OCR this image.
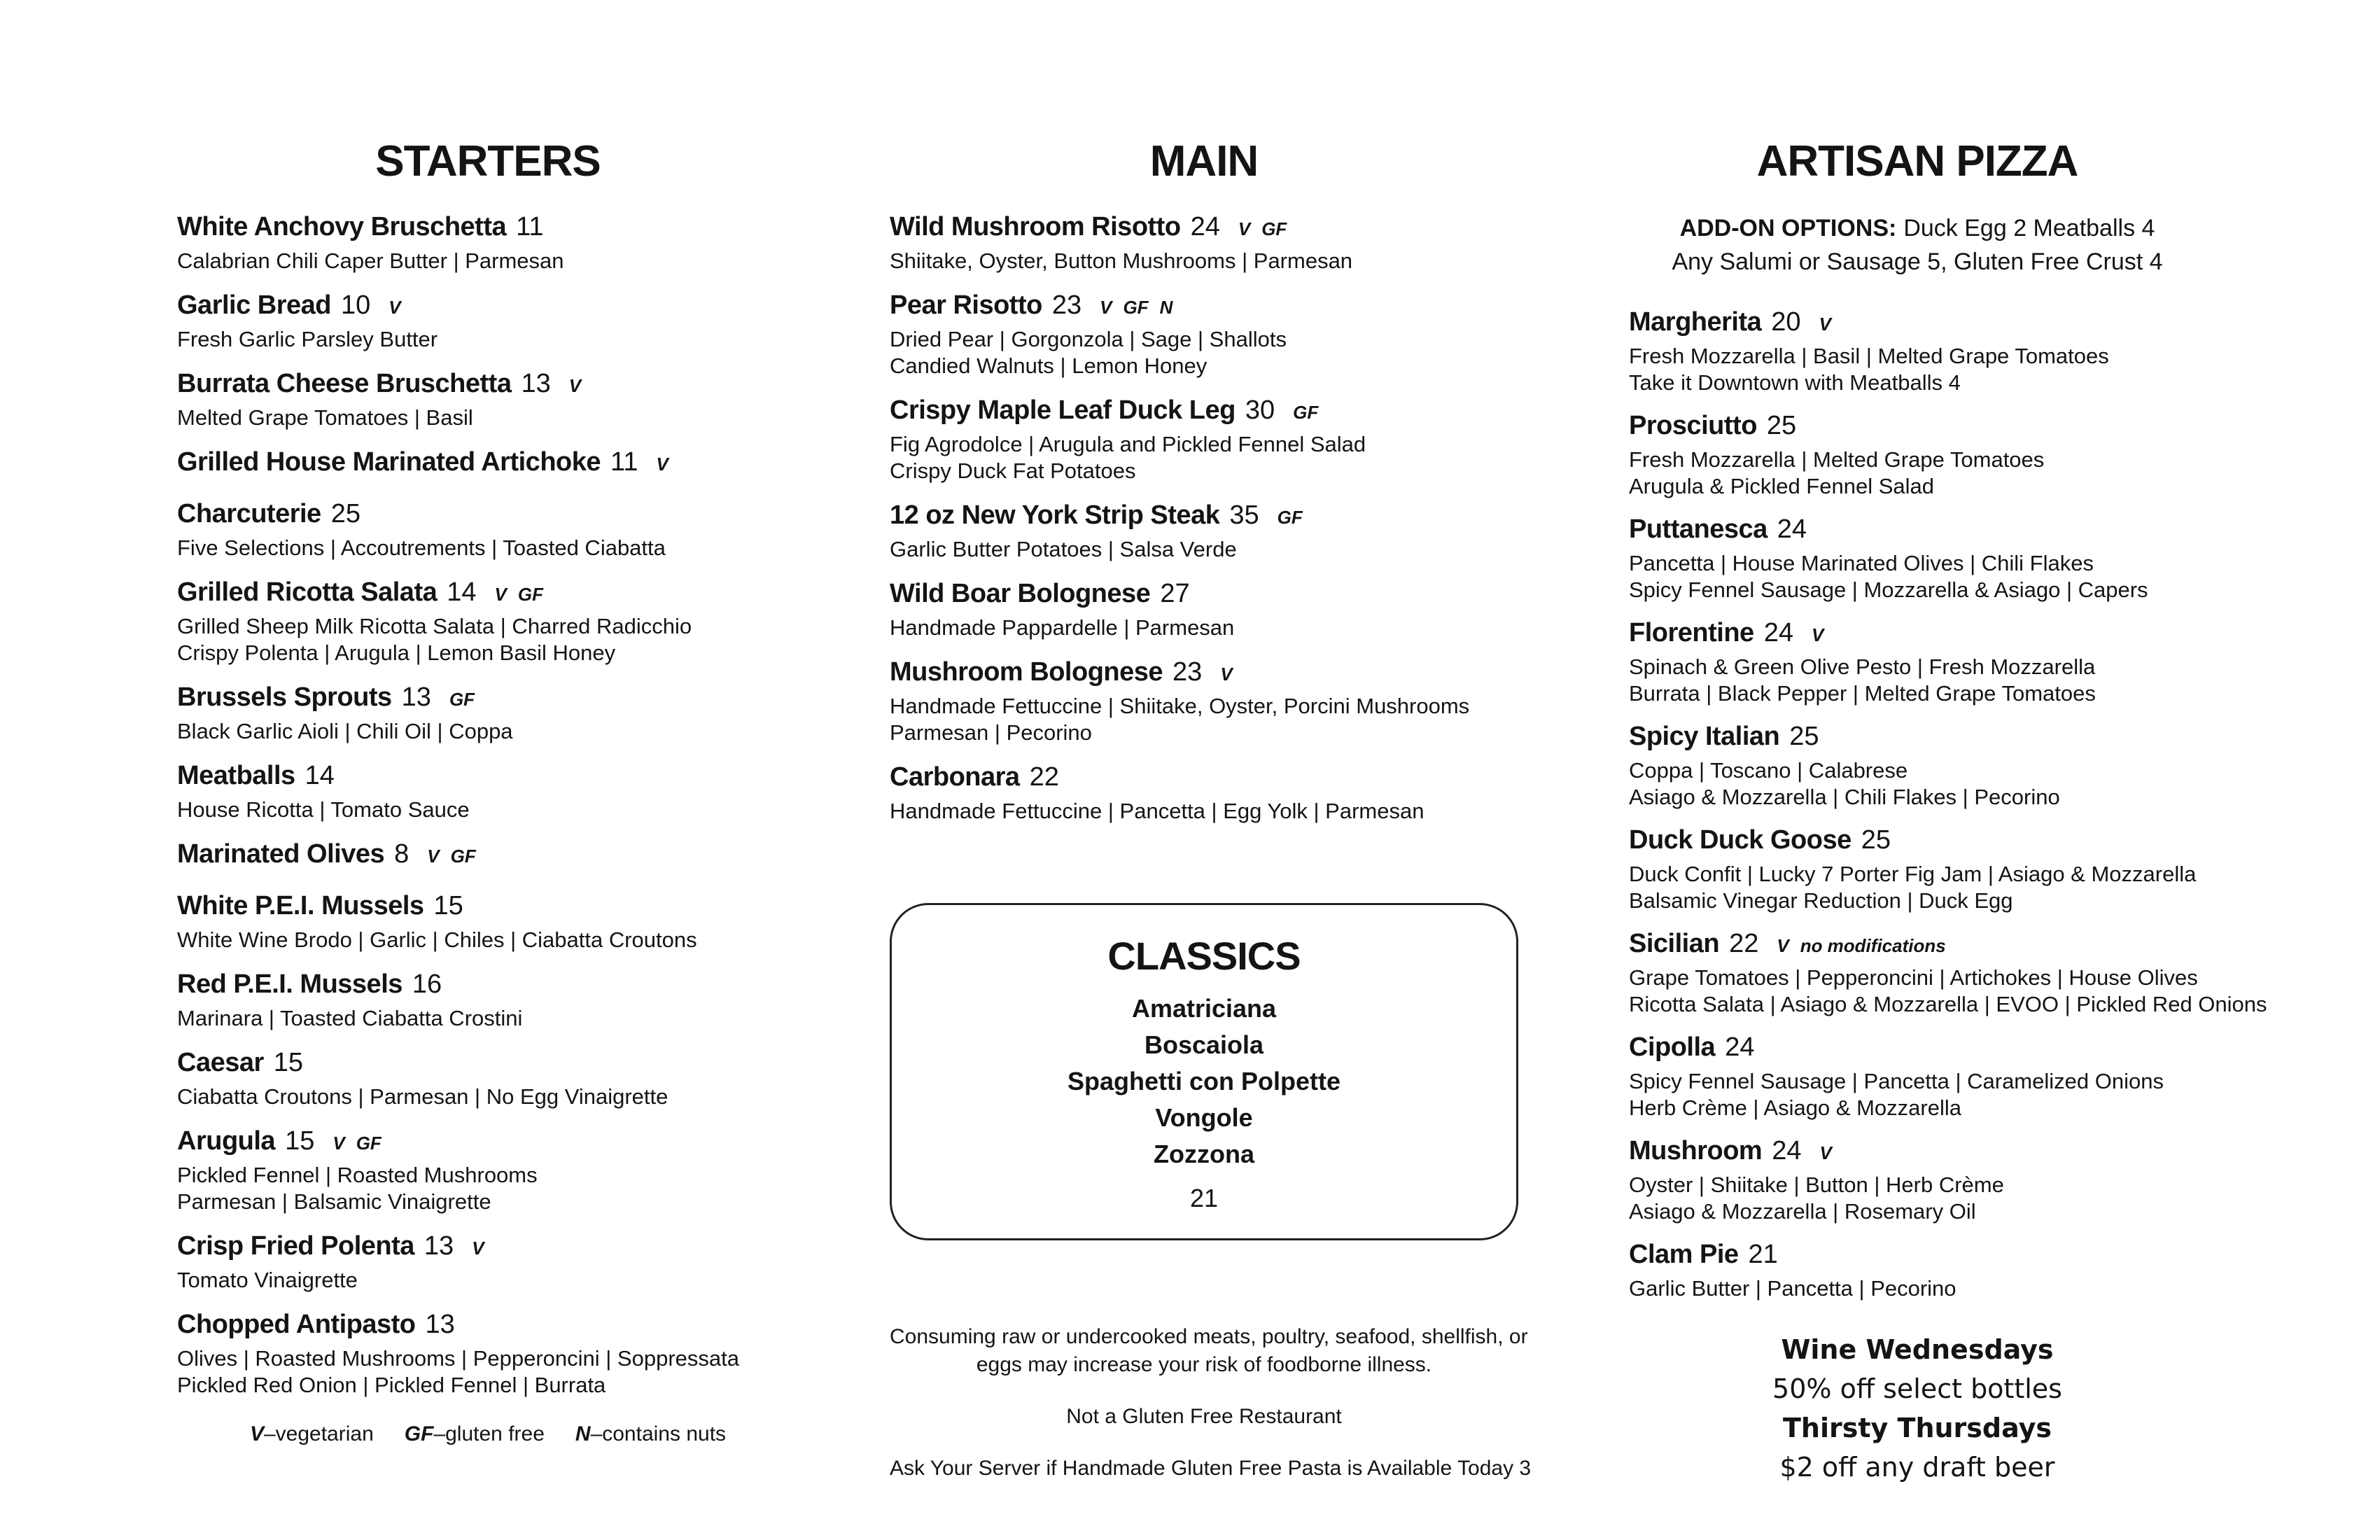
STARTERS
White Anchovy Bruschetta 11
Calabrian Chili Caper Butter | Parmesan
Garlic Bread 10 V
Fresh Garlic Parsley Butter
Burrata Cheese Bruschetta 13 V
Melted Grape Tomatoes | Basil
Grilled House Marinated Artichoke 11 V
Charcuterie 25
Five Selections | Accoutrements | Toasted Ciabatta
Grilled Ricotta Salata 14 V GF
Grilled Sheep Milk Ricotta Salata | Charred Radicchio
Crispy Polenta | Arugula | Lemon Basil Honey
Brussels Sprouts 13 GF
Black Garlic Aioli | Chili Oil | Coppa
Meatballs 14
House Ricotta | Tomato Sauce
Marinated Olives 8 V GF
White P.E.I. Mussels 15
White Wine Brodo | Garlic | Chiles | Ciabatta Croutons
Red P.E.I. Mussels 16
Marinara | Toasted Ciabatta Crostini
Caesar 15
Ciabatta Croutons | Parmesan | No Egg Vinaigrette
Arugula 15 V GF
Pickled Fennel | Roasted Mushrooms
Parmesan | Balsamic Vinaigrette
Crisp Fried Polenta 13 V
Tomato Vinaigrette
Chopped Antipasto 13
Olives | Roasted Mushrooms | Pepperoncini | Soppressata
Pickled Red Onion | Pickled Fennel | Burrata
V–vegetarian GF–gluten free N–contains nuts
MAIN
Wild Mushroom Risotto 24 V GF
Shiitake, Oyster, Button Mushrooms | Parmesan
Pear Risotto 23 V GF N
Dried Pear | Gorgonzola | Sage | Shallots
Candied Walnuts | Lemon Honey
Crispy Maple Leaf Duck Leg 30 GF
Fig Agrodolce | Arugula and Pickled Fennel Salad
Crispy Duck Fat Potatoes
12 oz New York Strip Steak 35 GF
Garlic Butter Potatoes | Salsa Verde
Wild Boar Bolognese 27
Handmade Pappardelle | Parmesan
Mushroom Bolognese 23 V
Handmade Fettuccine | Shiitake, Oyster, Porcini Mushrooms
Parmesan | Pecorino
Carbonara 22
Handmade Fettuccine | Pancetta | Egg Yolk | Parmesan
CLASSICS
Amatriciana
Boscaiola
Spaghetti con Polpette
Vongole
Zozzona
21
Consuming raw or undercooked meats, poultry, seafood, shellfish, or
eggs may increase your risk of foodborne illness.
Not a Gluten Free Restaurant
Ask Your Server if Handmade Gluten Free Pasta is Available Today 3
ARTISAN PIZZA
ADD-ON OPTIONS: Duck Egg 2 Meatballs 4
Any Salumi or Sausage 5, Gluten Free Crust 4
Margherita 20 V
Fresh Mozzarella | Basil | Melted Grape Tomatoes
Take it Downtown with Meatballs 4
Prosciutto 25
Fresh Mozzarella | Melted Grape Tomatoes
Arugula & Pickled Fennel Salad
Puttanesca 24
Pancetta | House Marinated Olives | Chili Flakes
Spicy Fennel Sausage | Mozzarella & Asiago | Capers
Florentine 24 V
Spinach & Green Olive Pesto | Fresh Mozzarella
Burrata | Black Pepper | Melted Grape Tomatoes
Spicy Italian 25
Coppa | Toscano | Calabrese
Asiago & Mozzarella | Chili Flakes | Pecorino
Duck Duck Goose 25
Duck Confit | Lucky 7 Porter Fig Jam | Asiago & Mozzarella
Balsamic Vinegar Reduction | Duck Egg
Sicilian 22 V no modifications
Grape Tomatoes | Pepperoncini | Artichokes | House Olives
Ricotta Salata | Asiago & Mozzarella | EVOO | Pickled Red Onions
Cipolla 24
Spicy Fennel Sausage | Pancetta | Caramelized Onions
Herb Crème | Asiago & Mozzarella
Mushroom 24 V
Oyster | Shiitake | Button | Herb Crème
Asiago & Mozzarella | Rosemary Oil
Clam Pie 21
Garlic Butter | Pancetta | Pecorino
Wine Wednesdays
50% off select bottles
Thirsty Thursdays
$2 off any draft beer
